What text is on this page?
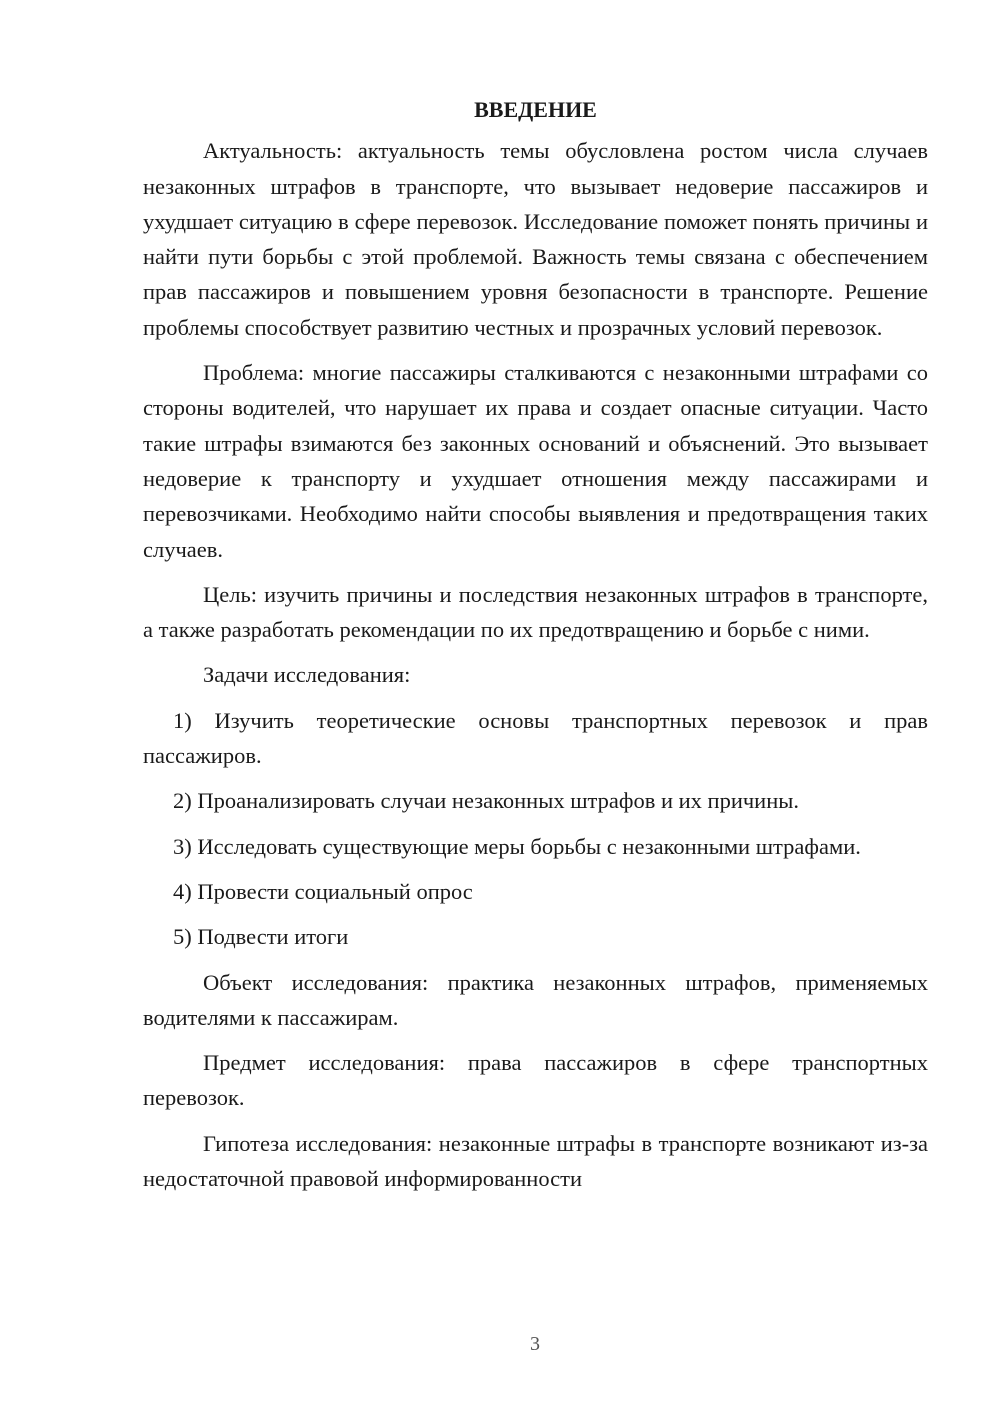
ВВЕДЕНИЕ

Актуальность: актуальность темы обусловлена ростом числа случаев незаконных штрафов в транспорте, что вызывает недоверие пассажиров и ухудшает ситуацию в сфере перевозок. Исследование поможет понять причины и найти пути борьбы с этой проблемой. Важность темы связана с обеспечением прав пассажиров и повышением уровня безопасности в транспорте. Решение проблемы способствует развитию честных и прозрачных условий перевозок.

Проблема: многие пассажиры сталкиваются с незаконными штрафами со стороны водителей, что нарушает их права и создает опасные ситуации. Часто такие штрафы взимаются без законных оснований и объяснений. Это вызывает недоверие к транспорту и ухудшает отношения между пассажирами и перевозчиками. Необходимо найти способы выявления и предотвращения таких случаев.

Цель: изучить причины и последствия незаконных штрафов в транспорте, а также разработать рекомендации по их предотвращению и борьбе с ними.

Задачи исследования:

1) Изучить теоретические основы транспортных перевозок и прав пассажиров.

2) Проанализировать случаи незаконных штрафов и их причины.

3) Исследовать существующие меры борьбы с незаконными штрафами.

4) Провести социальный опрос

5) Подвести итоги

Объект исследования: практика незаконных штрафов, применяемых водителями к пассажирам.

Предмет исследования: права пассажиров в сфере транспортных перевозок.

Гипотеза исследования: незаконные штрафы в транспорте возникают из-за недостаточной правовой информированности

3
